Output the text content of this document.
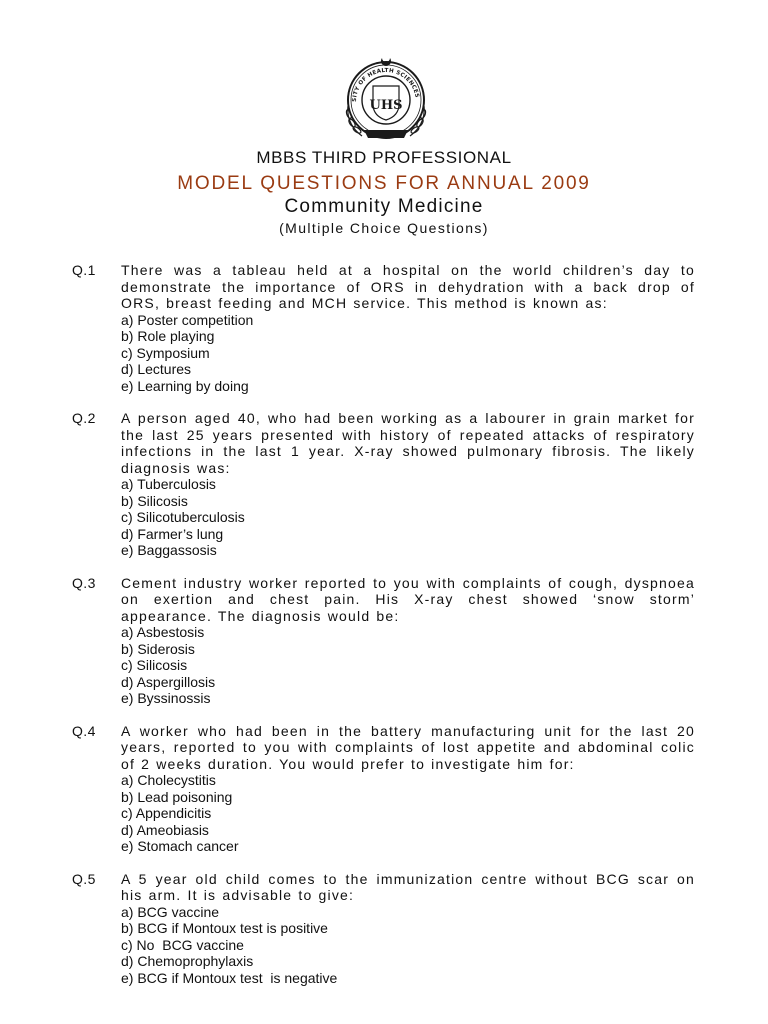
SITY OF HEALTH SCIENCES
UHS
MBBS THIRD PROFESSIONAL
MODEL QUESTIONS FOR ANNUAL 2009
Community Medicine
(Multiple Choice Questions)
Q.1	There was a tableau held at a hospital on the world children’s day to demonstrate the importance of ORS in dehydration with a back drop of ORS, breast feeding and MCH service. This method is known as:

a) Poster competition
b) Role playing
c) Symposium
d) Lectures
e) Learning by doing
Q.2	A person aged 40, who had been working as a labourer in grain market for the last 25 years presented with history of repeated attacks of respiratory infections in the last 1 year. X-ray showed pulmonary fibrosis. The likely diagnosis was:

a) Tuberculosis
b) Silicosis
c) Silicotuberculosis
d) Farmer’s lung
e) Baggassosis
Q.3	Cement industry worker reported to you with complaints of cough, dyspnoea on exertion and chest pain. His X-ray chest showed ‘snow storm’ appearance. The diagnosis would be:

a) Asbestosis
b) Siderosis
c) Silicosis
d) Aspergillosis
e) Byssinossis
Q.4	A worker who had been in the battery manufacturing unit for the last 20 years, reported to you with complaints of lost appetite and abdominal colic of 2 weeks duration. You would prefer to investigate him for:

a) Cholecystitis
b) Lead poisoning
c) Appendicitis
d) Ameobiasis
e) Stomach cancer
Q.5	A 5 year old child comes to the immunization centre without BCG scar on his arm. It is advisable to give:

a) BCG vaccine
b) BCG if Montoux test is positive
c) No  BCG vaccine
d) Chemoprophylaxis
e) BCG if Montoux test  is negative
